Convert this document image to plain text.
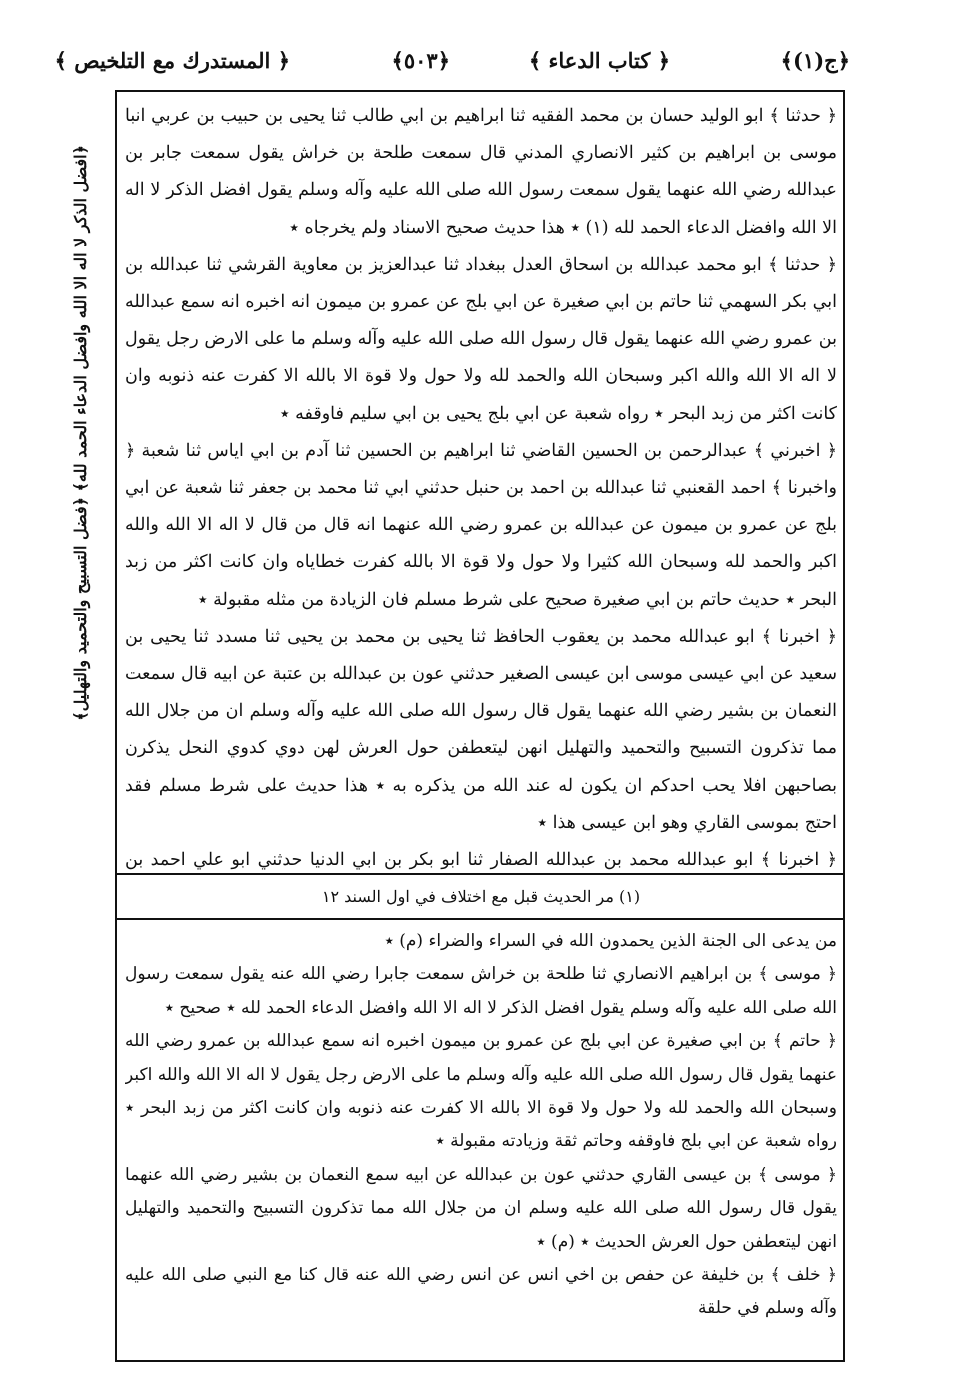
﴿ج(١)﴾
﴿ كتاب الدعاء ﴾
﴿٥٠٣﴾
﴿ المستدرك مع التلخيص ﴾
﴿افضل الذكر لا اله الا الله وافضل الدعاء الحمد لله﴾ ﴿فضل التسبيح والتحميد والتهليل﴾

﴿ حدثنا ﴾ ابو الوليد حسان بن محمد الفقيه ثنا ابراهيم بن ابي طالب ثنا يحيى بن حبيب بن عربي انبا موسى بن ابراهيم بن كثير الانصاري المدني قال سمعت طلحة بن خراش يقول سمعت جابر بن عبدالله رضي الله عنهما يقول سمعت رسول الله صلى الله عليه وآله وسلم يقول افضل الذكر لا اله الا الله وافضل الدعاء الحمد لله (١) ٭ هذا حديث صحيح الاسناد ولم يخرجاه ٭

﴿ حدثنا ﴾ ابو محمد عبدالله بن اسحاق العدل ببغداد ثنا عبدالعزيز بن معاوية القرشي ثنا عبدالله بن ابي بكر السهمي ثنا حاتم بن ابي صغيرة عن ابي بلج عن عمرو بن ميمون انه اخبره انه سمع عبدالله بن عمرو رضي الله عنهما يقول قال رسول الله صلى الله عليه وآله وسلم ما على الارض رجل يقول لا اله الا الله والله اكبر وسبحان الله والحمد لله ولا حول ولا قوة الا بالله الا كفرت عنه ذنوبه وان كانت اكثر من زبد البحر ٭ رواه شعبة عن ابي بلج يحيى بن ابي سليم فاوقفه ٭

﴿ اخبرني ﴾ عبدالرحمن بن الحسين القاضي ثنا ابراهيم بن الحسين ثنا آدم بن ابي اياس ثنا شعبة ﴿ واخبرنا ﴾ احمد القعنبي ثنا عبدالله بن احمد بن حنبل حدثني ابي ثنا محمد بن جعفر ثنا شعبة عن ابي بلج عن عمرو بن ميمون عن عبدالله بن عمرو رضي الله عنهما انه قال من قال لا اله الا الله والله اكبر والحمد لله وسبحان الله كثيرا ولا حول ولا قوة الا بالله كفرت خطاياه وان كانت اكثر من زبد البحر ٭ حديث حاتم بن ابي صغيرة صحيح على شرط مسلم فان الزيادة من مثله مقبولة ٭

﴿ اخبرنا ﴾ ابو عبدالله محمد بن يعقوب الحافظ ثنا يحيى بن محمد بن يحيى ثنا مسدد ثنا يحيى بن سعيد عن ابي عيسى موسى ابن عيسى الصغير حدثني عون بن عبدالله بن عتبة عن ابيه قال سمعت النعمان بن بشير رضي الله عنهما يقول قال رسول الله صلى الله عليه وآله وسلم ان من جلال الله مما تذكرون التسبيح والتحميد والتهليل انهن ليتعطفن حول العرش لهن دوي كدوي النحل يذكرن بصاحبهن افلا يحب احدكم ان يكون له عند الله من يذكره به ٭ هذا حديث على شرط مسلم فقد احتج بموسى القاري وهو ابن عيسى هذا ٭

﴿ اخبرنا ﴾ ابو عبدالله محمد بن عبدالله الصفار ثنا ابو بكر بن ابي الدنيا حدثني ابو علي احمد بن

(١) مر الحديث قبل مع اختلاف في اول السند ١٢

من يدعى الى الجنة الذين يحمدون الله في السراء والضراء (م) ٭

﴿ موسى ﴾ بن ابراهيم الانصاري ثنا طلحة بن خراش سمعت جابرا رضي الله عنه يقول سمعت رسول الله صلى الله عليه وآله وسلم يقول افضل الذكر لا اله الا الله وافضل الدعاء الحمد لله ٭ صحيح ٭

﴿ حاتم ﴾ بن ابي صغيرة عن ابي بلج عن عمرو بن ميمون اخبره انه سمع عبدالله بن عمرو رضي الله عنهما يقول قال رسول الله صلى الله عليه وآله وسلم ما على الارض رجل يقول لا اله الا الله والله اكبر وسبحان الله والحمد لله ولا حول ولا قوة الا بالله الا كفرت عنه ذنوبه وان كانت اكثر من زبد البحر ٭ رواه شعبة عن ابي بلج فاوقفه وحاتم ثقة وزيادته مقبولة ٭

﴿ موسى ﴾ بن عيسى القاري حدثني عون بن عبدالله عن ابيه سمع النعمان بن بشير رضي الله عنهما يقول قال رسول الله صلى الله عليه وسلم ان من جلال الله مما تذكرون التسبيح والتحميد والتهليل انهن ليتعطفن حول العرش الحديث ٭ (م) ٭

﴿ خلف ﴾ بن خليفة عن حفص بن اخي انس عن انس رضي الله عنه قال كنا مع النبي صلى الله عليه وآله وسلم في حلقة
